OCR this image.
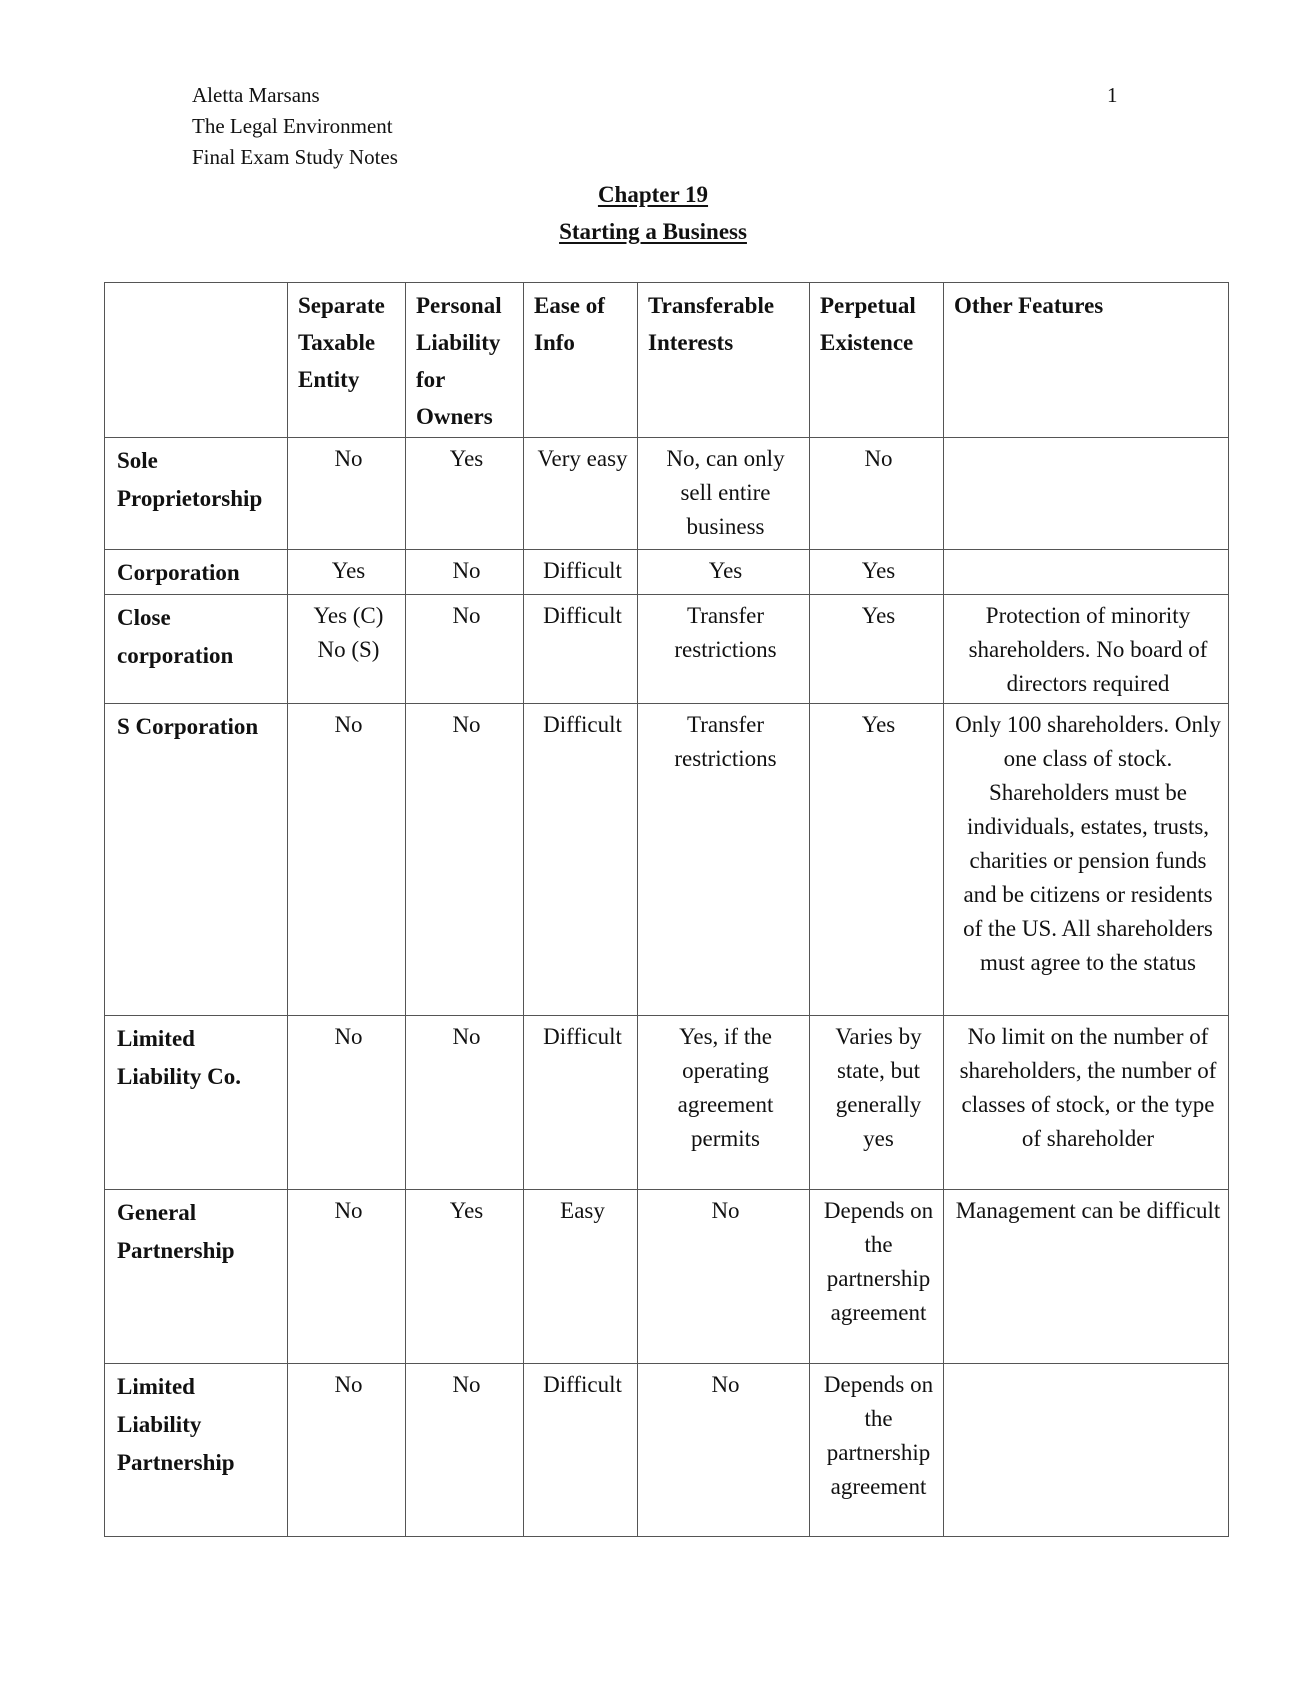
Aletta Marsans
The Legal Environment
Final Exam Study Notes
1
Chapter 19
Starting a Business
	Separate Taxable Entity	Personal Liability for Owners	Ease of Info	Transferable Interests	Perpetual Existence	Other Features
Sole Proprietorship	No	Yes	Very easy	No, can only sell entire business	No	
Corporation	Yes	No	Difficult	Yes	Yes	
Close corporation	Yes (C) No (S)	No	Difficult	Transfer restrictions	Yes	Protection of minority shareholders. No board of directors required
S Corporation	No	No	Difficult	Transfer restrictions	Yes	Only 100 shareholders. Only one class of stock. Shareholders must be individuals, estates, trusts, charities or pension funds and be citizens or residents of the US. All shareholders must agree to the status
Limited Liability Co.	No	No	Difficult	Yes, if the operating agreement permits	Varies by state, but generally yes	No limit on the number of shareholders, the number of classes of stock, or the type of shareholder
General Partnership	No	Yes	Easy	No	Depends on the partnership agreement	Management can be difficult
Limited Liability Partnership	No	No	Difficult	No	Depends on the partnership agreement	
